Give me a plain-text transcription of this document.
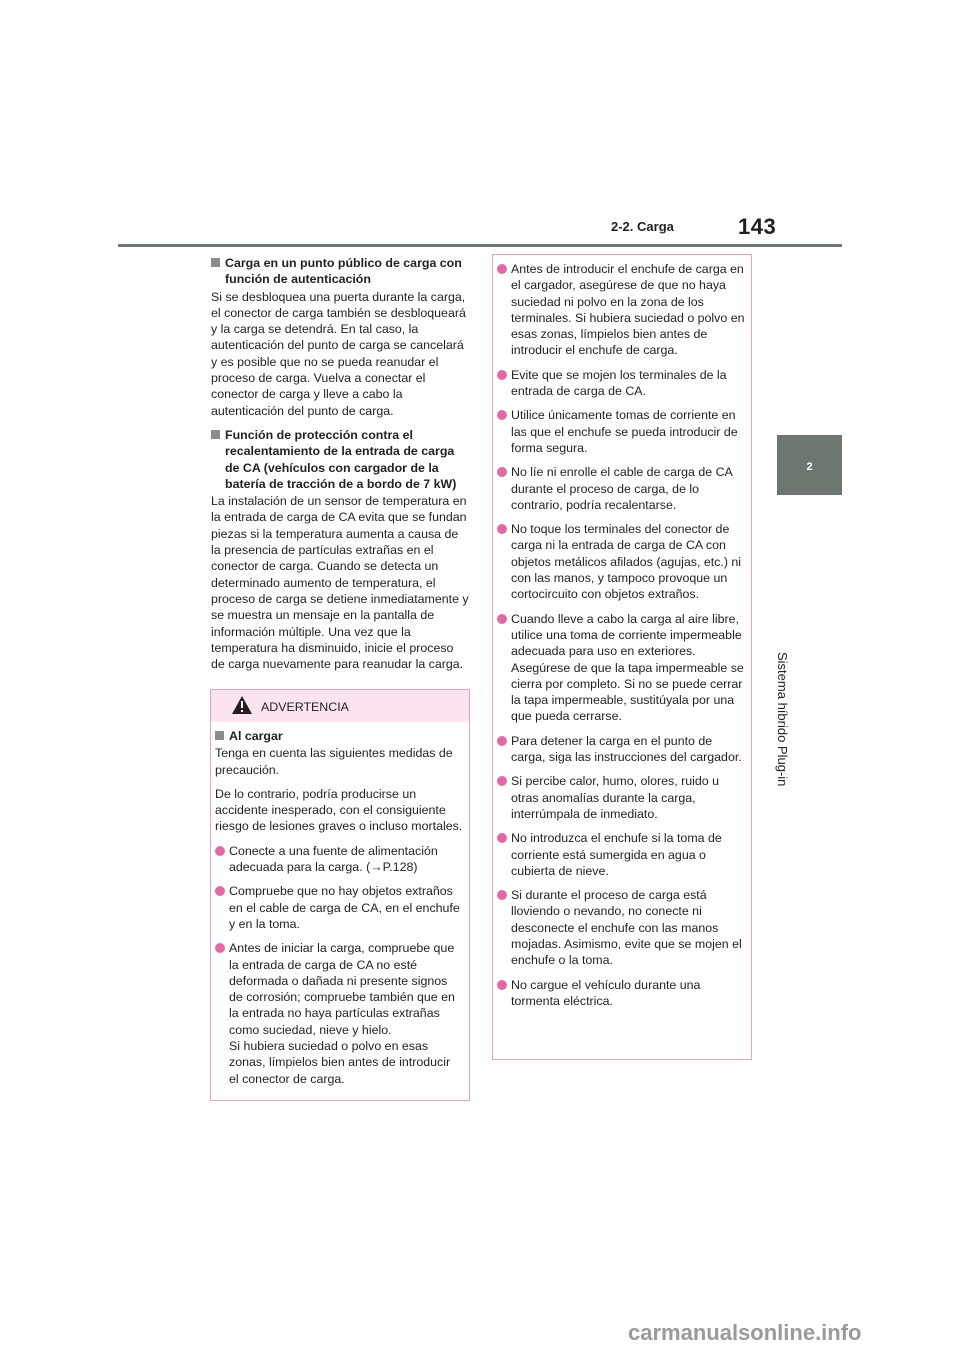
2-2. Carga	143
2
Sistema híbrido Plug-in
Carga en un punto público de carga con función de autenticación

Si se desbloquea una puerta durante la carga, el conector de carga también se desbloqueará y la carga se detendrá. En tal caso, la autenticación del punto de carga se cancelará y es posible que no se pueda reanudar el proceso de carga. Vuelva a conectar el conector de carga y lleve a cabo la autenticación del punto de carga.

Función de protección contra el recalentamiento de la entrada de carga de CA (vehículos con cargador de la batería de tracción de a bordo de 7 kW)

La instalación de un sensor de temperatura en la entrada de carga de CA evita que se fundan piezas si la temperatura aumenta a causa de la presencia de partículas extrañas en el conector de carga. Cuando se detecta un determinado aumento de temperatura, el proceso de carga se detiene inmediatamente y se muestra un mensaje en la pantalla de información múltiple. Una vez que la temperatura ha disminuido, inicie el proceso de carga nuevamente para reanudar la carga.

ADVERTENCIA
Al cargar

Tenga en cuenta las siguientes medidas de precaución.

De lo contrario, podría producirse un accidente inesperado, con el consiguiente riesgo de lesiones graves o incluso mortales.

Conecte a una fuente de alimentación adecuada para la carga. (→P.128)
Compruebe que no hay objetos extraños en el cable de carga de CA, en el enchufe y en la toma.
Antes de iniciar la carga, compruebe que la entrada de carga de CA no esté deformada o dañada ni presente signos de corrosión; compruebe también que en la entrada no haya partículas extrañas como suciedad, nieve y hielo.
Si hubiera suciedad o polvo en esas zonas, límpielos bien antes de introducir el conector de carga.
Antes de introducir el enchufe de carga en el cargador, asegúrese de que no haya suciedad ni polvo en la zona de los terminales. Si hubiera suciedad o polvo en esas zonas, límpielos bien antes de introducir el enchufe de carga.
Evite que se mojen los terminales de la entrada de carga de CA.
Utilice únicamente tomas de corriente en las que el enchufe se pueda introducir de forma segura.
No líe ni enrolle el cable de carga de CA durante el proceso de carga, de lo contrario, podría recalentarse.
No toque los terminales del conector de carga ni la entrada de carga de CA con objetos metálicos afilados (agujas, etc.) ni con las manos, y tampoco provoque un cortocircuito con objetos extraños.
Cuando lleve a cabo la carga al aire libre, utilice una toma de corriente impermeable adecuada para uso en exteriores. Asegúrese de que la tapa impermeable se cierra por completo. Si no se puede cerrar la tapa impermeable, sustitúyala por una que pueda cerrarse.
Para detener la carga en el punto de carga, siga las instrucciones del cargador.
Si percibe calor, humo, olores, ruido u otras anomalías durante la carga, interrúmpala de inmediato.
No introduzca el enchufe si la toma de corriente está sumergida en agua o cubierta de nieve.
Si durante el proceso de carga está lloviendo o nevando, no conecte ni desconecte el enchufe con las manos mojadas. Asimismo, evite que se mojen el enchufe o la toma.
No cargue el vehículo durante una tormenta eléctrica.
carmanualsonline.info
